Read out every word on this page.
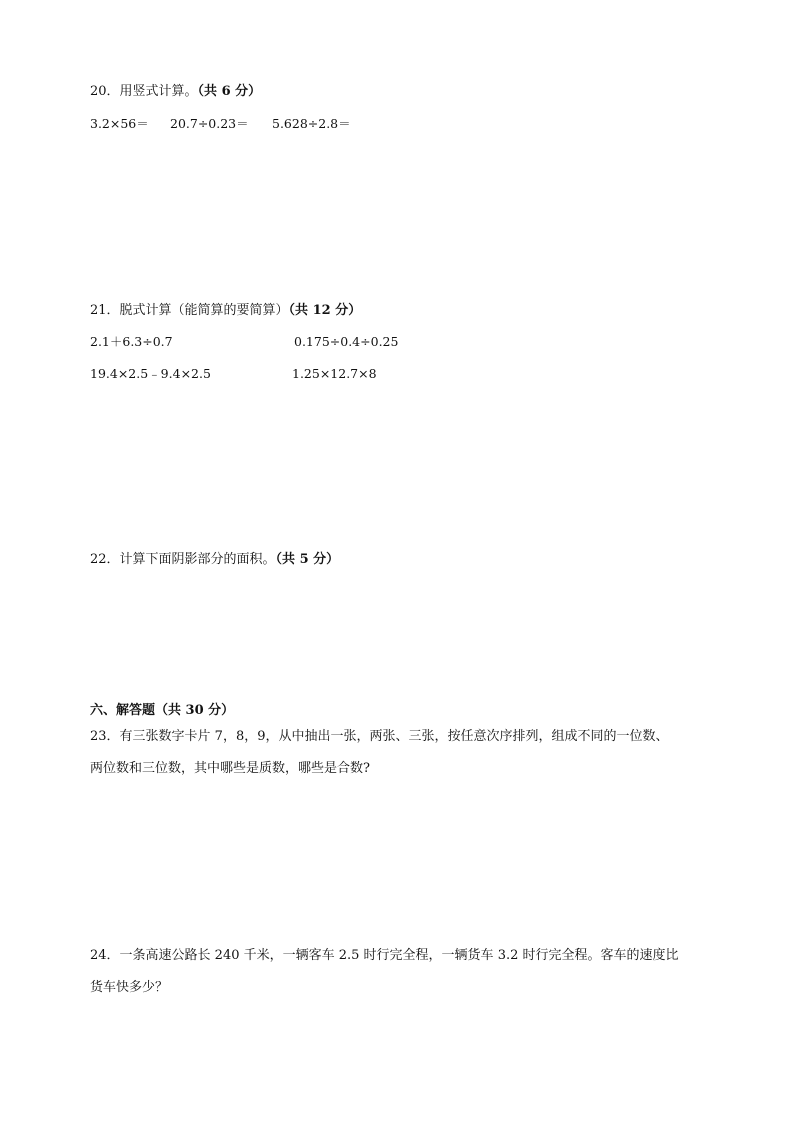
20．用竖式计算。（共 6 分）
3.2×56＝ 20.7÷0.23＝ 5.628÷2.8＝
21．脱式计算（能简算的要简算）（共 12 分）
2.1＋6.3÷0.7	0.175÷0.4÷0.25
19.4×2.5﹣9.4×2.5	1.25×12.7×8
22．计算下面阴影部分的面积。（共 5 分）
六、解答题（共 30 分）
23．有三张数字卡片 7，8，9，从中抽出一张，两张、三张，按任意次序排列，组成不同的一位数、
两位数和三位数，其中哪些是质数，哪些是合数?
24．一条高速公路长 240 千米，一辆客车 2.5 时行完全程，一辆货车 3.2 时行完全程。客车的速度比
货车快多少？
